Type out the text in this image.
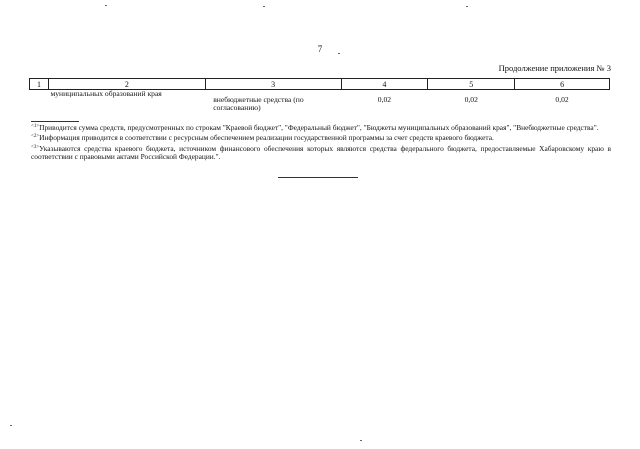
7
Продолжение приложения № 3
1	2	3	4	5	6
	муниципальных образований края	внебюджетные средства (по согласованию)	0,02	0,02	0,02

$^{<1>}$Приводится сумма средств, предусмотренных по строкам "Краевой бюджет", "Федеральный бюджет", "Бюджеты муниципальных образований края", "Внебюджетные средства".

$^{<2>}$Информация приводится в соответствии с ресурсным обеспечением реализации государственной программы за счет средств краевого бюджета.

$^{<3>}$Указываются средства краевого бюджета, источником финансового обеспечения которых являются средства федерального бюджета, предоставляемые Хабаровскому краю в соответствии с правовыми актами Российской Федерации.".
